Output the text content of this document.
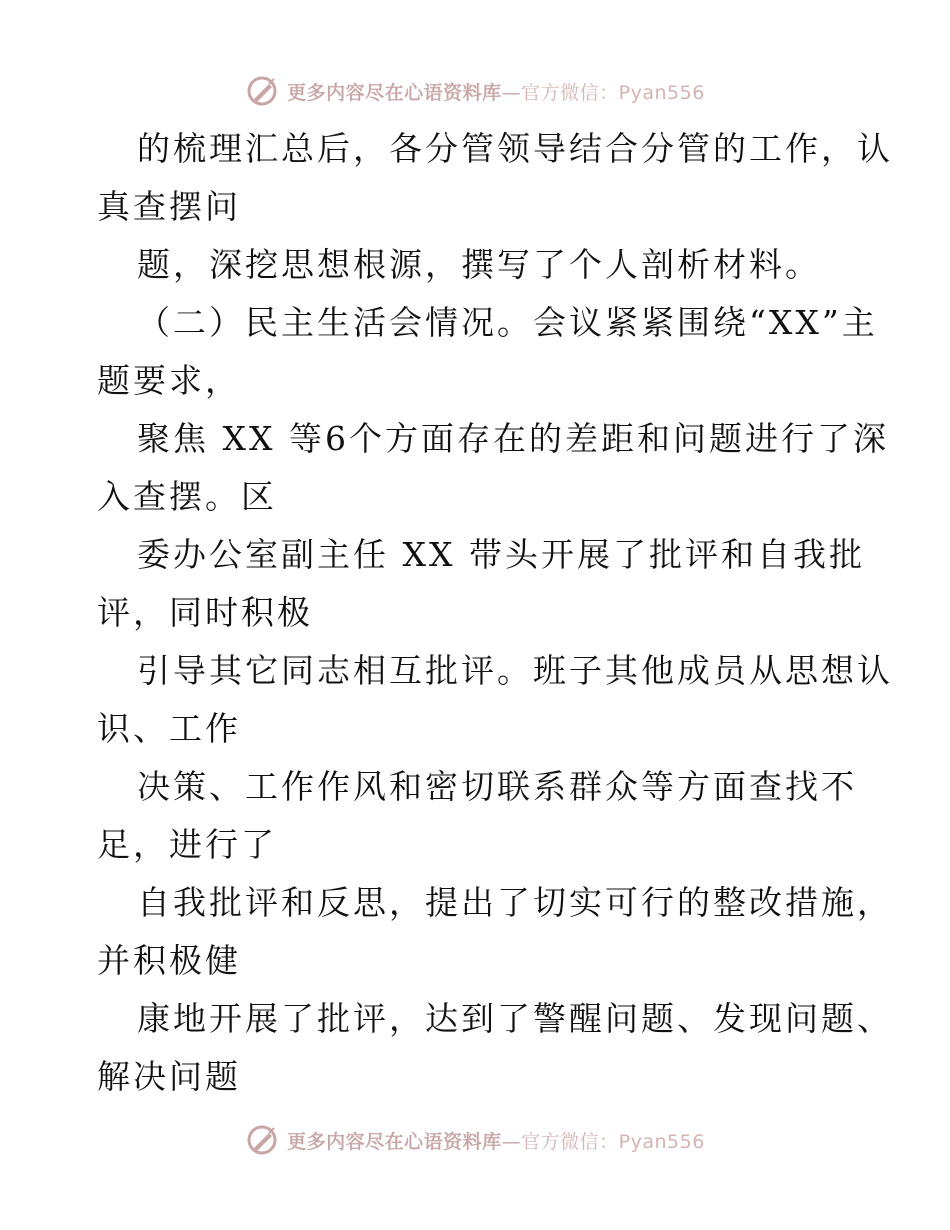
更多内容尽在心语资料库—官方微信：Pyan556
的梳理汇总后，各分管领导结合分管的工作，认
真查摆问
题，深挖思想根源，撰写了个人剖析材料。
（二）民主生活会情况。会议紧紧围绕“XX”主
题要求，
聚焦 XX 等6个方面存在的差距和问题进行了深
入查摆。区
委办公室副主任 XX 带头开展了批评和自我批
评，同时积极
引导其它同志相互批评。班子其他成员从思想认
识、工作
决策、工作作风和密切联系群众等方面查找不
足，进行了
自我批评和反思，提出了切实可行的整改措施，
并积极健
康地开展了批评，达到了警醒问题、发现问题、
解决问题
更多内容尽在心语资料库—官方微信：Pyan556
